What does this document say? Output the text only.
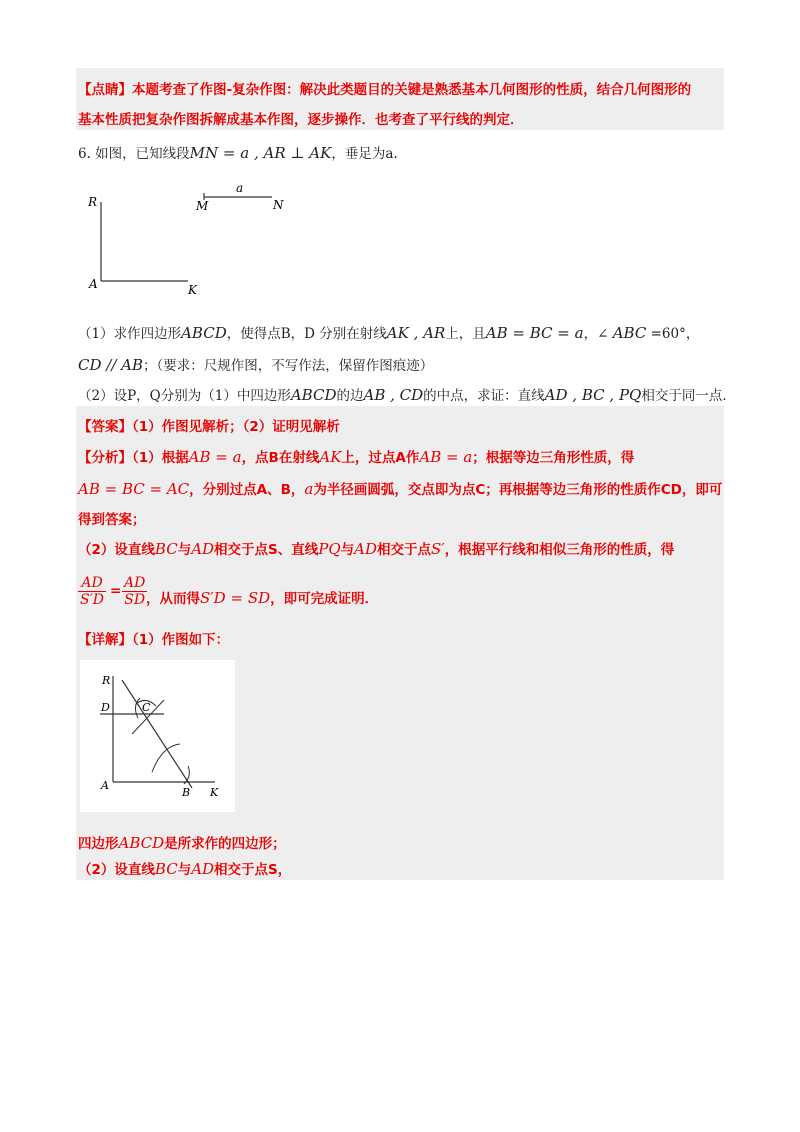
【点睛】本题考查了作图-复杂作图：解决此类题目的关键是熟悉基本几何图形的性质，结合几何图形的
基本性质把复杂作图拆解成基本作图，逐步操作．也考查了平行线的判定．
6. 如图，已知线段MN = a , AR ⊥ AK，垂足为a.
R
A	K
M	N
a
（1）求作四边形ABCD，使得点B，D 分别在射线AK , AR上，且AB = BC = a，∠ ABC =60°，
CD // AB；（要求：尺规作图，不写作法，保留作图痕迹）
（2）设P，Q分别为（1）中四边形ABCD的边AB , CD的中点，求证：直线AD , BC , PQ相交于同一点．
【答案】（1）作图见解析；（2）证明见解析
【分析】（1）根据AB = a，点B在射线AK上，过点A作AB = a；根据等边三角形性质，得
AB = BC = AC，分别过点A、B，a为半径画圆弧，交点即为点C；再根据等边三角形的性质作CD，即可
得到答案；
（2）设直线BC与AD相交于点S、直线PQ与AD相交于点S′，根据平行线和相似三角形的性质，得
$\frac{AD}{S'D} = \frac{AD}{SD}$
，从而得S′D = SD，即可完成证明．
【详解】（1）作图如下：
R
D	C
A
B K
四边形ABCD是所求作的四边形；
（2）设直线BC与AD相交于点S，
